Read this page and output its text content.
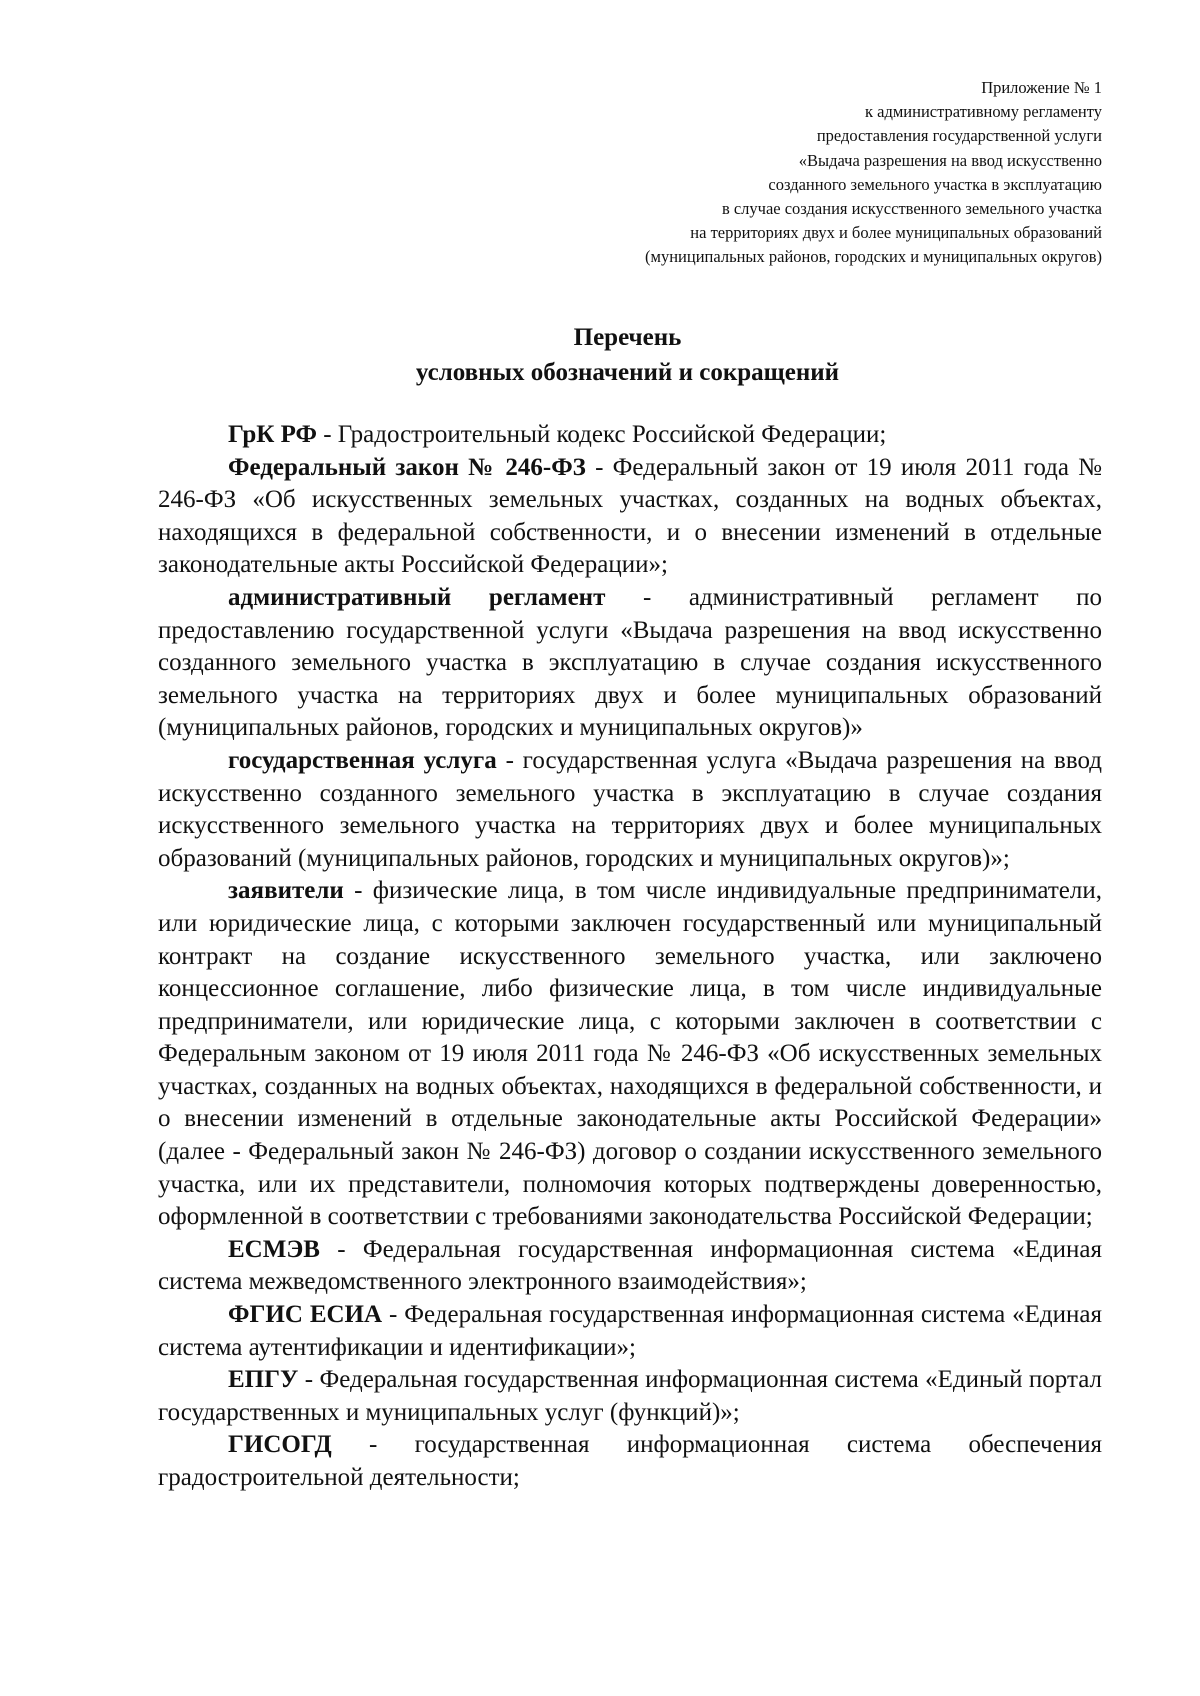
Приложение № 1
к административному регламенту
предоставления государственной услуги
«Выдача разрешения на ввод искусственно
созданного земельного участка в эксплуатацию
в случае создания искусственного земельного участка
на территориях двух и более муниципальных образований
(муниципальных районов, городских и муниципальных округов)
Перечень
условных обозначений и сокращений

ГрК РФ - Градостроительный кодекс Российской Федерации;

Федеральный закон № 246-ФЗ - Федеральный закон от 19 июля 2011 года № 246-ФЗ «Об искусственных земельных участках, созданных на водных объектах, находящихся в федеральной собственности, и о внесении изменений в отдельные законодательные акты Российской Федерации»;

административный регламент - административный регламент по предоставлению государственной услуги «Выдача разрешения на ввод искусственно созданного земельного участка в эксплуатацию в случае создания искусственного земельного участка на территориях двух и более муниципальных образований (муниципальных районов, городских и муниципальных округов)»

государственная услуга - государственная услуга «Выдача разрешения на ввод искусственно созданного земельного участка в эксплуатацию в случае создания искусственного земельного участка на территориях двух и более муниципальных образований (муниципальных районов, городских и муниципальных округов)»;

заявители - физические лица, в том числе индивидуальные предприниматели, или юридические лица, с которыми заключен государственный или муниципальный контракт на создание искусственного земельного участка, или заключено концессионное соглашение, либо физические лица, в том числе индивидуальные предприниматели, или юридические лица, с которыми заключен в соответствии с Федеральным законом от 19 июля 2011 года № 246-ФЗ «Об искусственных земельных участках, созданных на водных объектах, находящихся в федеральной собственности, и о внесении изменений в отдельные законодательные акты Российской Федерации» (далее - Федеральный закон № 246-ФЗ) договор о создании искусственного земельного участка, или их представители, полномочия которых подтверждены доверенностью, оформленной в соответствии с требованиями законодательства Российской Федерации;

ЕСМЭВ - Федеральная государственная информационная система «Единая система межведомственного электронного взаимодействия»;

ФГИС ЕСИА - Федеральная государственная информационная система «Единая система аутентификации и идентификации»;

ЕПГУ - Федеральная государственная информационная система «Единый портал государственных и муниципальных услуг (функций)»;

ГИСОГД - государственная информационная система обеспечения градостроительной деятельности;
